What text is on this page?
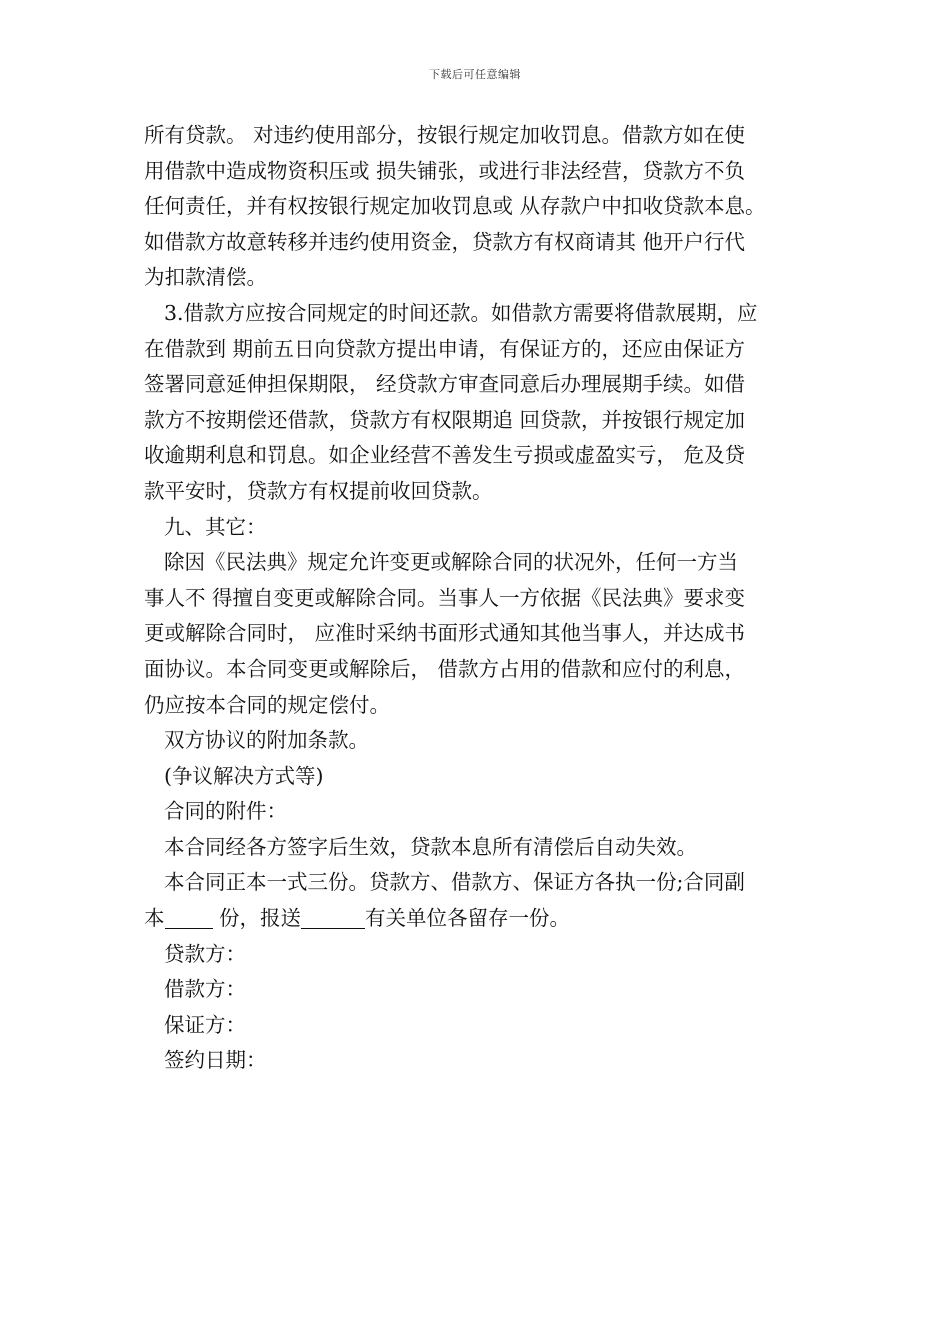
下载后可任意编辑
所有贷款。 对违约使用部分，按银行规定加收罚息。借款方如在使
用借款中造成物资积压或 损失铺张，或进行非法经营，贷款方不负
任何责任，并有权按银行规定加收罚息或 从存款户中扣收贷款本息。
如借款方故意转移并违约使用资金，贷款方有权商请其 他开户行代
为扣款清偿。
3.借款方应按合同规定的时间还款。如借款方需要将借款展期，应
在借款到 期前五日向贷款方提出申请，有保证方的，还应由保证方
签署同意延伸担保期限， 经贷款方审查同意后办理展期手续。如借
款方不按期偿还借款，贷款方有权限期追 回贷款，并按银行规定加
收逾期利息和罚息。如企业经营不善发生亏损或虚盈实亏， 危及贷
款平安时，贷款方有权提前收回贷款。
九、其它：
除因《民法典》规定允许变更或解除合同的状况外，任何一方当
事人不 得擅自变更或解除合同。当事人一方依据《民法典》要求变
更或解除合同时， 应准时采纳书面形式通知其他当事人，并达成书
面协议。本合同变更或解除后， 借款方占用的借款和应付的利息，
仍应按本合同的规定偿付。
双方协议的附加条款。
(争议解决方式等)
合同的附件：
本合同经各方签字后生效，贷款本息所有清偿后自动失效。
本合同正本一式三份。贷款方、借款方、保证方各执一份;合同副
本 份，报送	有关单位各留存一份。
贷款方：
借款方：
保证方：
签约日期：
